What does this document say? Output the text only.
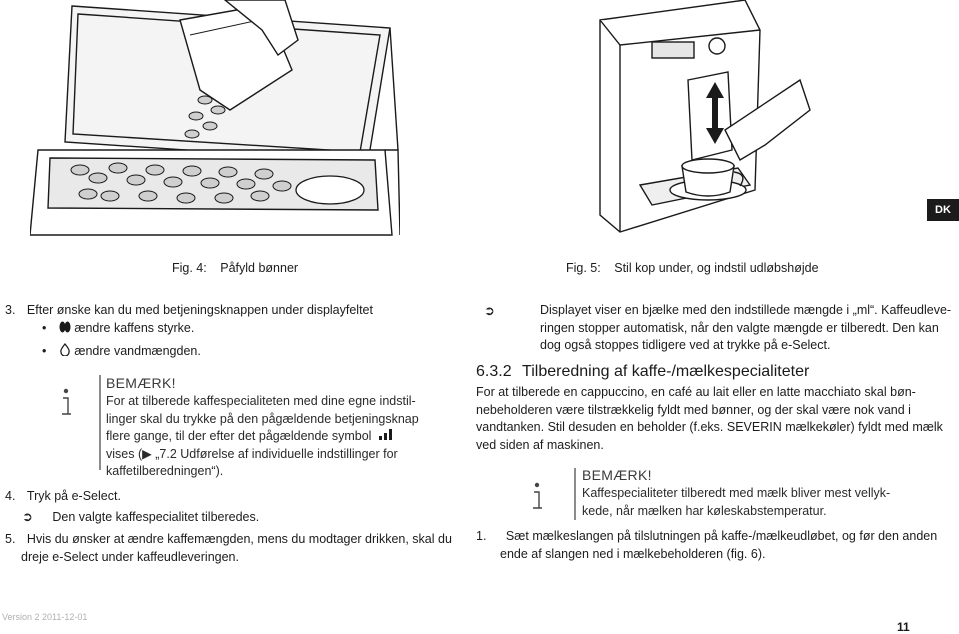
DK
Fig. 4: Påfyld bønner	Fig. 5: Stil kop under, og indstil udløbshøjde
3. Efter ønske kan du med betjeningsknappen under displayfeltet
• ændre kaffens styrke.
• ændre vandmængden.
BEMÆRK!
For at tilberede kaffespecialiteten med dine egne indstil-
linger skal du trykke på den pågældende betjeningsknap
flere gange, til der efter det pågældende symbol
vises (▶ „7.2 Udførelse af individuelle indstillinger for
kaffetilberedningen“).
4. Tryk på e-Select.
➲ Den valgte kaffespecialitet tilberedes.
5. Hvis du ønsker at ændre kaffemængden, mens du modtager drikken, skal du
dreje e-Select under kaffeudleveringen.
➲	Displayet viser en bjælke med den indstillede mængde i „ml“. Kaffeudleve-
ringen stopper automatisk, når den valgte mængde er tilberedt. Den kan
dog også stoppes tidligere ved at trykke på e-Select.
6.3.2 Tilberedning af kaffe-/mælkespecialiteter
For at tilberede en cappuccino, en café au lait eller en latte macchiato skal bøn-
nebeholderen være tilstrækkelig fyldt med bønner, og der skal være nok vand i
vandtanken. Stil desuden en beholder (f.eks. SEVERIN mælkekøler) fyldt med mælk
ved siden af maskinen.
BEMÆRK!
Kaffespecialiteter tilberedt med mælk bliver mest vellyk-
kede, når mælken har køleskabstemperatur.
1. Sæt mælkeslangen på tilslutningen på kaffe-/mælkeudløbet, og før den anden
ende af slangen ned i mælkebeholderen (fig. 6).
Version 2 2011-12-01
11
